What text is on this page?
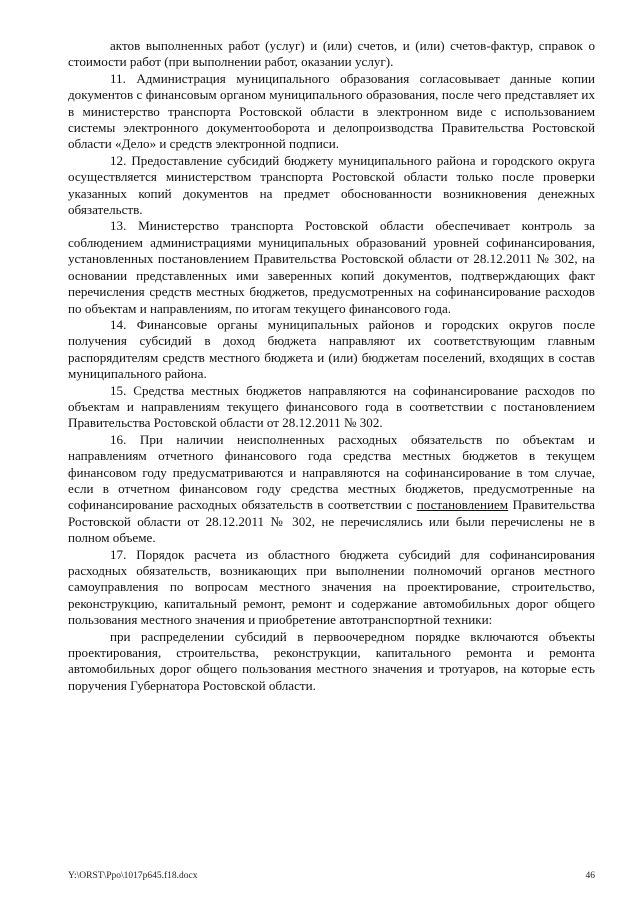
актов выполненных работ (услуг) и (или) счетов, и (или) счетов-фактур, справок о стоимости работ (при выполнении работ, оказании услуг).

11. Администрация муниципального образования согласовывает данные копии документов с финансовым органом муниципального образования, после чего представляет их в министерство транспорта Ростовской области в электронном виде с использованием системы электронного документооборота и делопроизводства Правительства Ростовской области «Дело» и средств электронной подписи.

12. Предоставление субсидий бюджету муниципального района и городского округа осуществляется министерством транспорта Ростовской области только после проверки указанных копий документов на предмет обоснованности возникновения денежных обязательств.

13. Министерство транспорта Ростовской области обеспечивает контроль за соблюдением администрациями муниципальных образований уровней софинансирования, установленных постановлением Правительства Ростовской области от 28.12.2011 № 302, на основании представленных ими заверенных копий документов, подтверждающих факт перечисления средств местных бюджетов, предусмотренных на софинансирование расходов по объектам и направлениям, по итогам текущего финансового года.

14. Финансовые органы муниципальных районов и городских округов после получения субсидий в доход бюджета направляют их соответствующим главным распорядителям средств местного бюджета и (или) бюджетам поселений, входящих в состав муниципального района.

15. Средства местных бюджетов направляются на софинансирование расходов по объектам и направлениям текущего финансового года в соответствии с постановлением Правительства Ростовской области от 28.12.2011 № 302.

16. При наличии неисполненных расходных обязательств по объектам и направлениям отчетного финансового года средства местных бюджетов в текущем финансовом году предусматриваются и направляются на софинансирование в том случае, если в отчетном финансовом году средства местных бюджетов, предусмотренные на софинансирование расходных обязательств в соответствии с постановлением Правительства Ростовской области от 28.12.2011 № 302, не перечислялись или были перечислены не в полном объеме.

17. Порядок расчета из областного бюджета субсидий для софинансирования расходных обязательств, возникающих при выполнении полномочий органов местного самоуправления по вопросам местного значения на проектирование, строительство, реконструкцию, капитальный ремонт, ремонт и содержание автомобильных дорог общего пользования местного значения и приобретение автотранспортной техники:

при распределении субсидий в первоочередном порядке включаются объекты проектирования, строительства, реконструкции, капитального ремонта и ремонта автомобильных дорог общего пользования местного значения и тротуаров, на которые есть поручения Губернатора Ростовской области.

Y:\ORST\Ppo\1017p645.f18.docx	46
